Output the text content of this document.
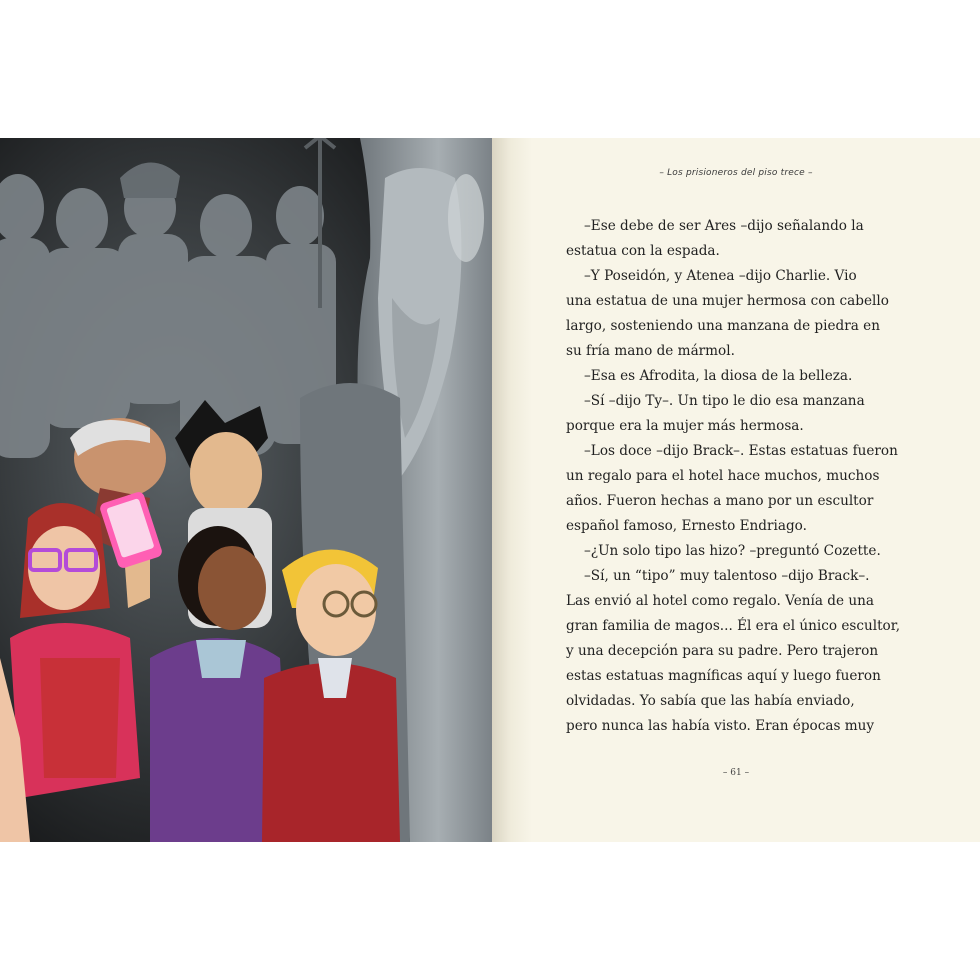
– Los prisioneros del piso trece –
–Ese debe de ser Ares –dijo señalando la
estatua con la espada.
–Y Poseidón, y Atenea –dijo Charlie. Vio
una estatua de una mujer hermosa con cabello
largo, sosteniendo una manzana de piedra en
su fría mano de mármol.
–Esa es Afrodita, la diosa de la belleza.
–Sí –dijo Ty–. Un tipo le dio esa manzana
porque era la mujer más hermosa.
–Los doce –dijo Brack–. Estas estatuas fueron
un regalo para el hotel hace muchos, muchos
años. Fueron hechas a mano por un escultor
español famoso, Ernesto Endriago.
–¿Un solo tipo las hizo? –preguntó Cozette.
–Sí, un “tipo” muy talentoso –dijo Brack–.
Las envió al hotel como regalo. Venía de una
gran familia de magos... Él era el único escultor,
y una decepción para su padre. Pero trajeron
estas estatuas magníficas aquí y luego fueron
olvidadas. Yo sabía que las había enviado,
pero nunca las había visto. Eran épocas muy
– 61 –
